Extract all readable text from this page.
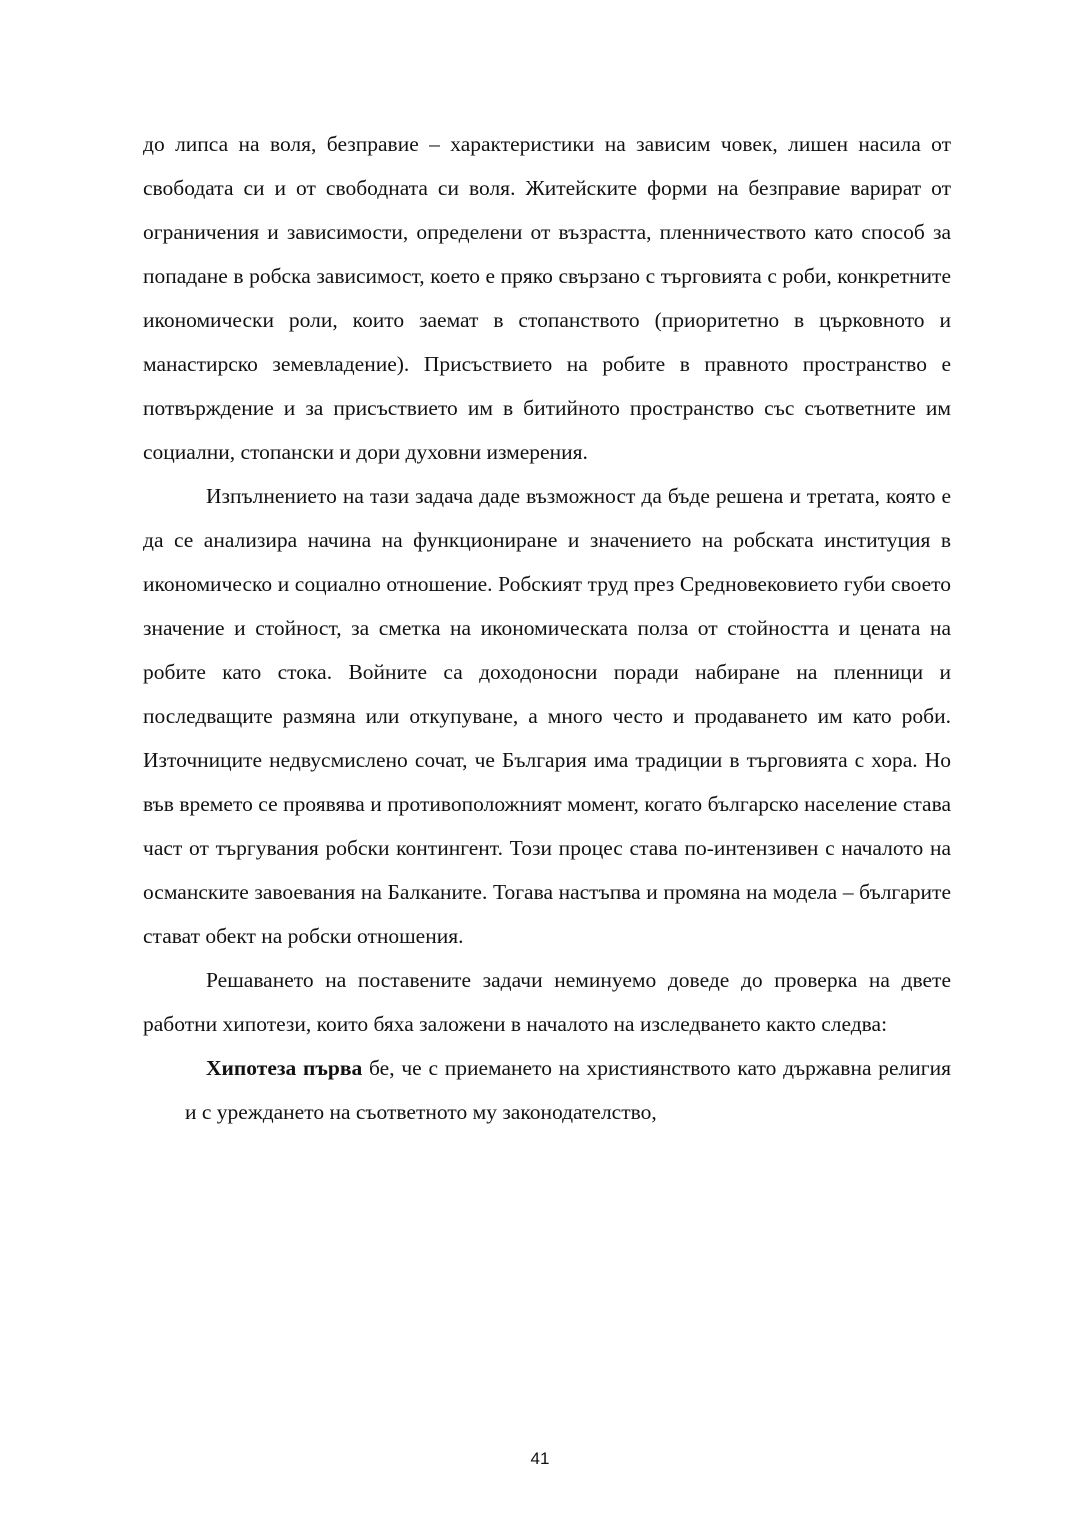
до липса на воля, безправие – характеристики на зависим човек, лишен насила от свободата си и от свободната си воля. Житейските форми на безправие варират от ограничения и зависимости, определени от възрастта, пленничеството като способ за попадане в робска зависимост, което е пряко свързано с търговията с роби, конкретните икономически роли, които заемат в стопанството (приоритетно в църковното и манастирско земевладение). Присъствието на робите в правното пространство е потвърждение и за присъствието им в битийното пространство със съответните им социални, стопански и дори духовни измерения.

Изпълнението на тази задача даде възможност да бъде решена и третата, която е да се анализира начина на функциониране и значението на робската институция в икономическо и социално отношение. Робският труд през Средновековието губи своето значение и стойност, за сметка на икономическата полза от стойността и цената на робите като стока. Войните са доходоносни поради набиране на пленници и последващите размяна или откупуване, а много често и продаването им като роби. Източниците недвусмислено сочат, че България има традиции в търговията с хора. Но във времето се проявява и противоположният момент, когато българско население става част от търгувания робски контингент. Този процес става по-интензивен с началото на османските завоевания на Балканите. Тогава настъпва и промяна на модела – българите стават обект на робски отношения.

Решаването на поставените задачи неминуемо доведе до проверка на двете работни хипотези, които бяха заложени в началото на изследването както следва:

Хипотеза първа бе, че с приемането на християнството като държавна религия и с уреждането на съответното му законодателство,

41
